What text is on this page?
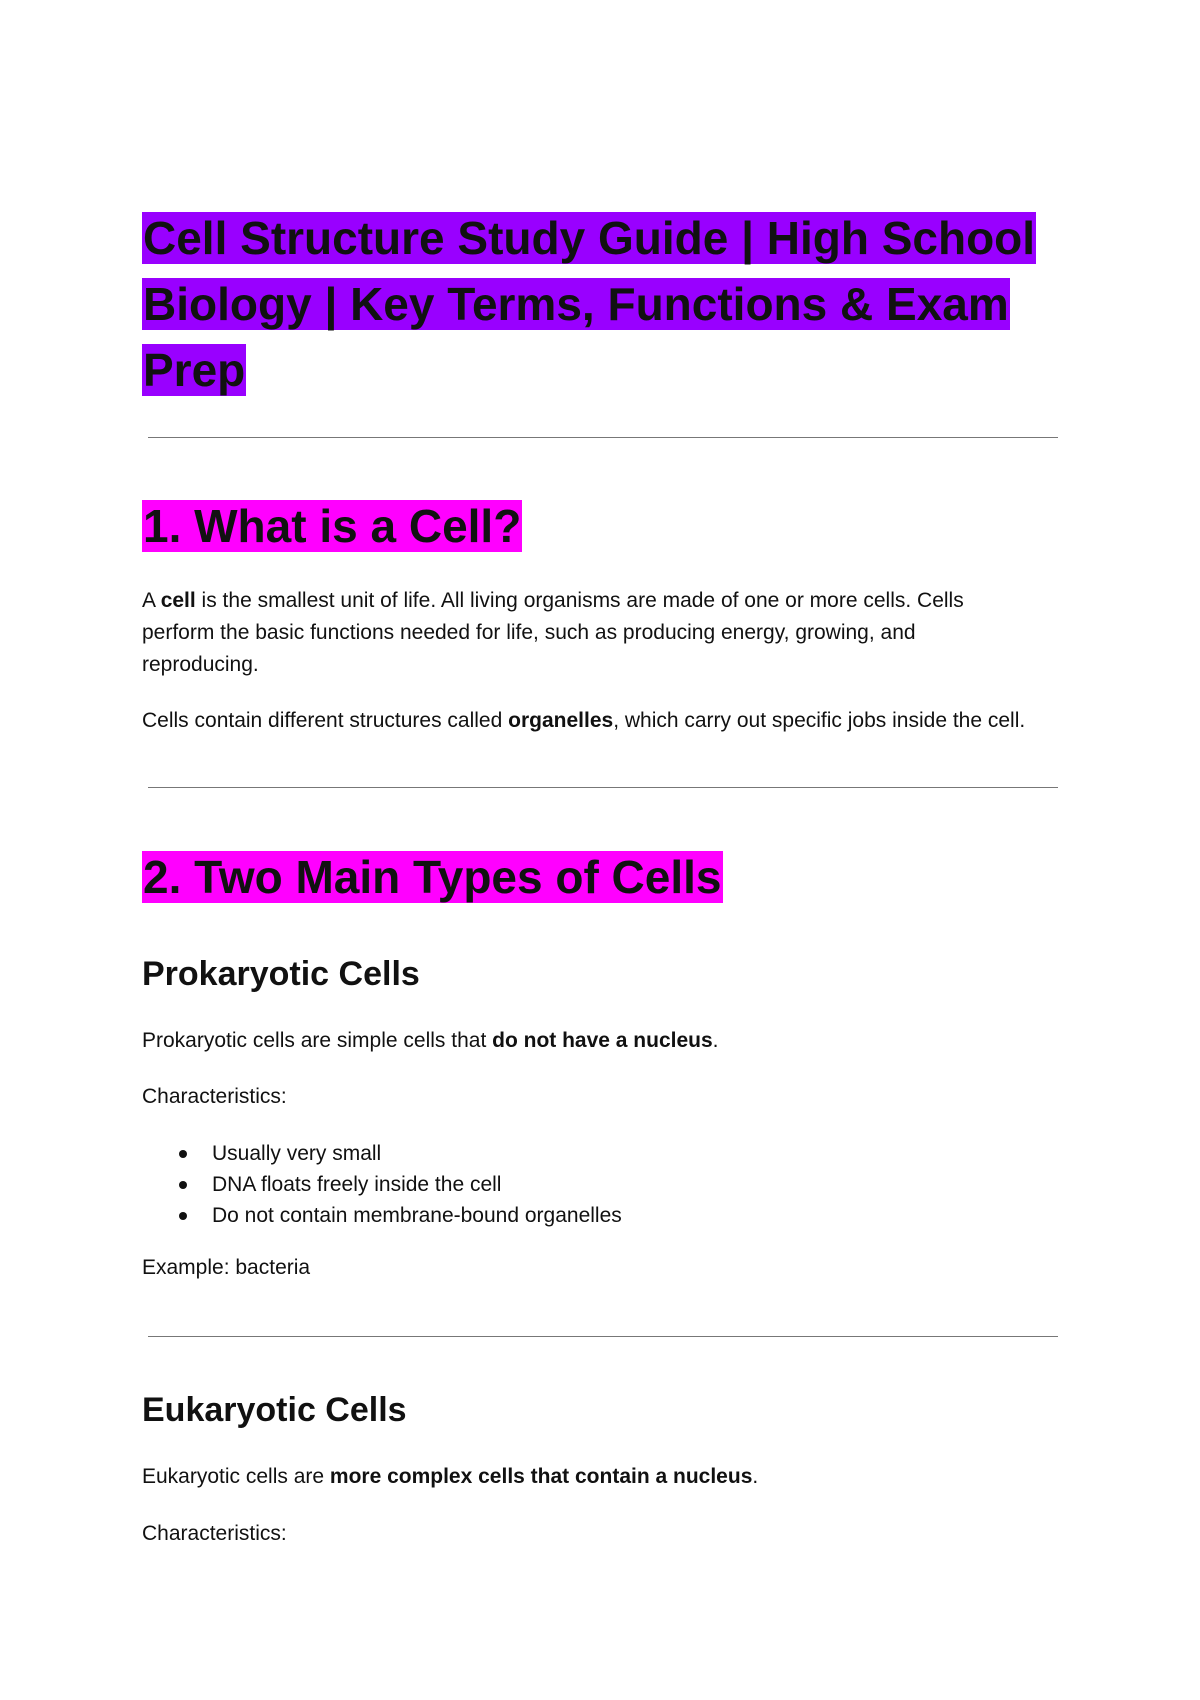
Cell Structure Study Guide | High School Biology | Key Terms, Functions & Exam Prep
1. What is a Cell?

A cell is the smallest unit of life. All living organisms are made of one or more cells. Cells perform the basic functions needed for life, such as producing energy, growing, and reproducing.

Cells contain different structures called organelles, which carry out specific jobs inside the cell.

2. Two Main Types of Cells
Prokaryotic Cells

Prokaryotic cells are simple cells that do not have a nucleus.

Characteristics:

Usually very small
DNA floats freely inside the cell
Do not contain membrane-bound organelles

Example: bacteria

Eukaryotic Cells

Eukaryotic cells are more complex cells that contain a nucleus.

Characteristics:
